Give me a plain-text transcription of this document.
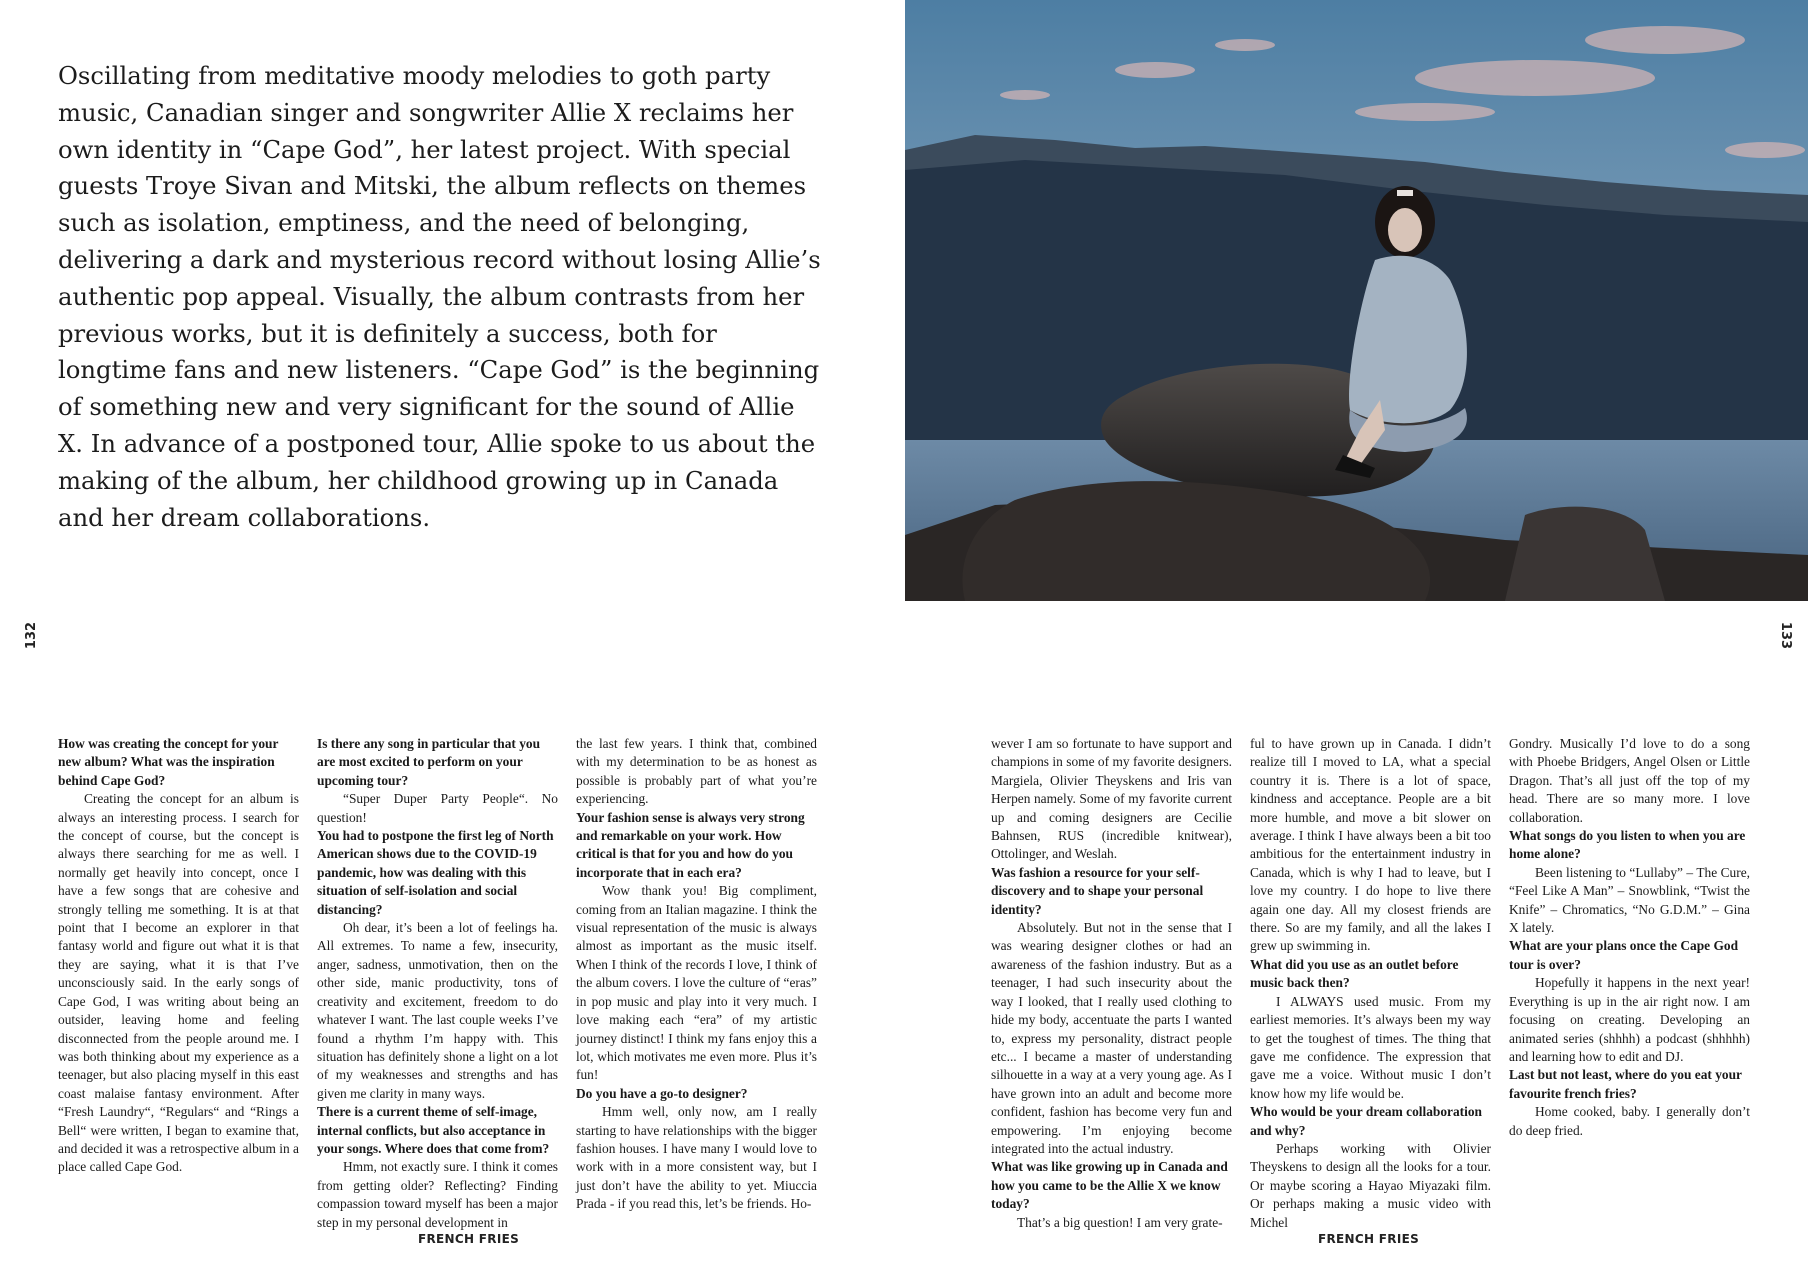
Oscillating from meditative moody melodies to goth party music, Canadian singer and songwriter Allie X reclaims her own identity in “Cape God”, her latest project. With special guests Troye Sivan and Mitski, the album reflects on themes such as isolation, emptiness, and the need of belonging, delivering a dark and mysterious record without losing Allie’s authentic pop appeal. Visually, the album contrasts from her previous works, but it is definitely a success, both for longtime fans and new listeners. “Cape God” is the beginning of something new and very significant for the sound of Allie X. In advance of a postponed tour, Allie spoke to us about the making of the album, her childhood growing up in Canada and her dream collaborations.

132	133

How was creating the concept for your new album? What was the inspiration behind Cape God?

Creating the concept for an album is always an interesting process. I search for the concept of course, but the concept is always there searching for me as well. I normally get heavily into concept, once I have a few songs that are cohesive and strongly telling me something. It is at that point that I become an explorer in that fantasy world and figure out what it is that they are saying, what it is that I’ve unconsciously said. In the early songs of Cape God, I was writing about being an outsider, leaving home and feeling disconnected from the people around me. I was both thinking about my experience as a teenager, but also placing myself in this east coast malaise fantasy environment. After “Fresh Laundry“, “Regulars“ and “Rings a Bell“ were written, I began to examine that, and decided it was a retrospective album in a place called Cape God.

Is there any song in particular that you are most excited to perform on your upcoming tour?

“Super Duper Party People“. No question!

You had to postpone the first leg of North American shows due to the COVID-19 pandemic, how was dealing with this situation of self-isolation and social distancing?

Oh dear, it’s been a lot of feelings ha. All extremes. To name a few, insecurity, anger, sadness, unmotivation, then on the other side, manic productivity, tons of creativity and excitement, freedom to do whatever I want. The last couple weeks I’ve found a rhythm I’m happy with. This situation has definitely shone a light on a lot of my weaknesses and strengths and has given me clarity in many ways.

There is a current theme of self-image, internal conflicts, but also acceptance in your songs. Where does that come from?

Hmm, not exactly sure. I think it comes from getting older? Reflecting? Finding compassion toward myself has been a major step in my personal development in

the last few years. I think that, combined with my determination to be as honest as possible is probably part of what you’re experiencing.

Your fashion sense is always very strong and remarkable on your work. How critical is that for you and how do you incorporate that in each era?

Wow thank you! Big compliment, coming from an Italian magazine. I think the visual representation of the music is always almost as important as the music itself. When I think of the records I love, I think of the album covers. I love the culture of “eras” in pop music and play into it very much. I love making each “era” of my artistic journey distinct! I think my fans enjoy this a lot, which motivates me even more. Plus it’s fun!

Do you have a go-to designer?

Hmm well, only now, am I really starting to have relationships with the bigger fashion houses. I have many I would love to work with in a more consistent way, but I just don’t have the ability to yet. Miuccia Prada - if you read this, let’s be friends. Ho-

wever I am so fortunate to have support and champions in some of my favorite designers. Margiela, Olivier Theyskens and Iris van Herpen namely. Some of my favorite current up and coming designers are Cecilie Bahnsen, RUS (incredible knitwear), Ottolinger, and Weslah.

Was fashion a resource for your self-discovery and to shape your personal identity?

Absolutely. But not in the sense that I was wearing designer clothes or had an awareness of the fashion industry. But as a teenager, I had such insecurity about the way I looked, that I really used clothing to hide my body, accentuate the parts I wanted to, express my personality, distract people etc... I became a master of understanding silhouette in a way at a very young age. As I have grown into an adult and become more confident, fashion has become very fun and empowering. I’m enjoying become integrated into the actual industry.

What was like growing up in Canada and how you came to be the Allie X we know today?

That’s a big question! I am very grate-

ful to have grown up in Canada. I didn’t realize till I moved to LA, what a special country it is. There is a lot of space, kindness and acceptance. People are a bit more humble, and move a bit slower on average. I think I have always been a bit too ambitious for the entertainment industry in Canada, which is why I had to leave, but I love my country. I do hope to live there again one day. All my closest friends are there. So are my family, and all the lakes I grew up swimming in.

What did you use as an outlet before music back then?

I ALWAYS used music. From my earliest memories. It’s always been my way to get the toughest of times. The thing that gave me confidence. The expression that gave me a voice. Without music I don’t know how my life would be.

Who would be your dream collaboration and why?

Perhaps working with Olivier Theyskens to design all the looks for a tour. Or maybe scoring a Hayao Miyazaki film. Or perhaps making a music video with Michel

Gondry. Musically I’d love to do a song with Phoebe Bridgers, Angel Olsen or Little Dragon. That’s all just off the top of my head. There are so many more. I love collaboration.

What songs do you listen to when you are home alone?

Been listening to “Lullaby” – The Cure, “Feel Like A Man” – Snowblink, “Twist the Knife” – Chromatics, “No G.D.M.” – Gina X lately.

What are your plans once the Cape God tour is over?

Hopefully it happens in the next year! Everything is up in the air right now. I am focusing on creating. Developing an animated series (shhhh) a podcast (shhhhh) and learning how to edit and DJ.

Last but not least, where do you eat your favourite french fries?

Home cooked, baby. I generally don’t do deep fried.

FRENCH FRIES	FRENCH FRIES
